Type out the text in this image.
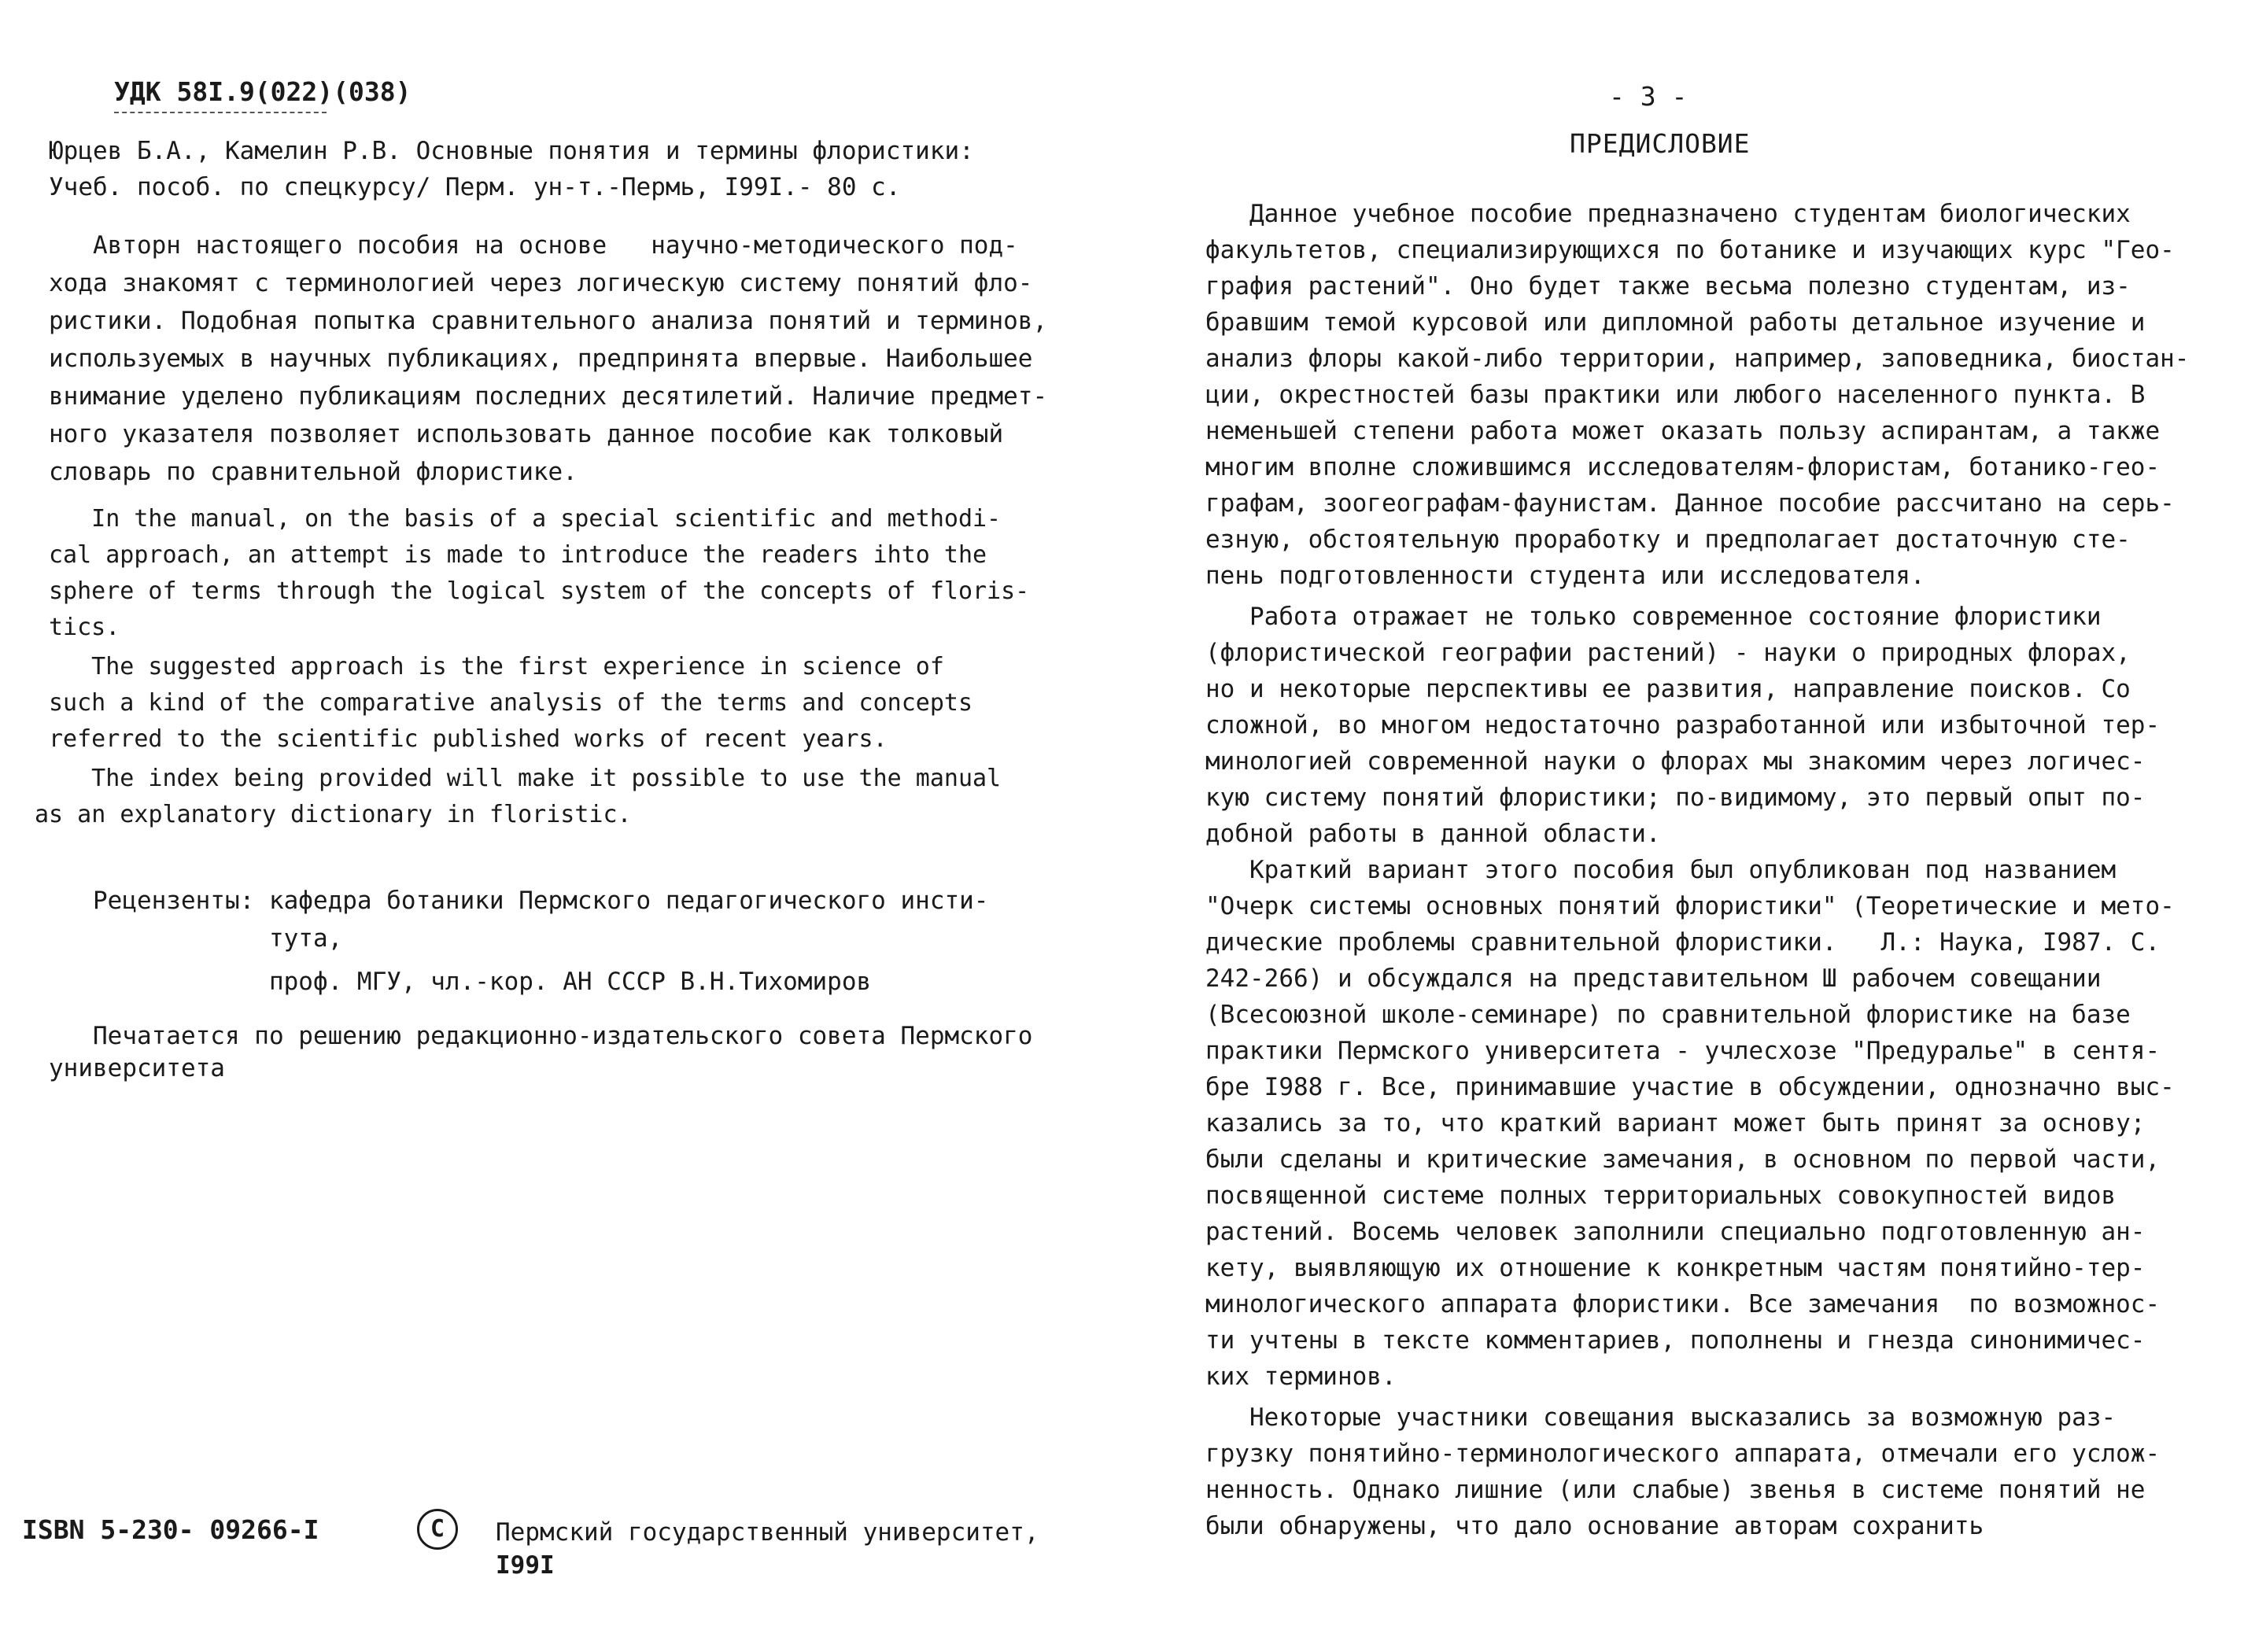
УДК 58I.9(022)(038)
Юрцев Б.А., Камелин Р.В. Основные понятия и термины флористики:
Учеб. пособ. по спецкурсу/ Перм. ун-т.-Пермь, I99I.- 80 с.
Авторн настоящего пособия на основе   научно-методического под-
хода знакомят с терминологией через логическую систему понятий фло-
ристики. Подобная попытка сравнительного анализа понятий и терминов,
используемых в научных публикациях, предпринята впервые. Наибольшее
внимание уделено публикациям последних десятилетий. Наличие предмет-
ного указателя позволяет использовать данное пособие как толковый
словарь по сравнительной флористике.
In the manual, on the basis of a special scientific and methodi-
cal approach, an attempt is made to introduce the readers ihto the
sphere of terms through the logical system of the concepts of floris-
tics.
The suggested approach is the first experience in science of
such a kind of the comparative analysis of the terms and concepts
referred to the scientific published works of recent years.
The index being provided will make it possible to use the manual
as an explanatory dictionary in floristic.
Рецензенты: кафедра ботаники Пермского педагогического инсти-
тута,
проф. МГУ, чл.-кор. АН СССР В.Н.Тихомиров
Печатается по решению редакционно-издательского совета Пермского
университета
ISBN 5-230- 09266-I	С	Пермский государственный университет,
I99I
- 3 -
ПРЕДИСЛОВИЕ
Данное учебное пособие предназначено студентам биологических
факультетов, специализирующихся по ботанике и изучающих курс "Гео-
графия растений". Оно будет также весьма полезно студентам, из-
бравшим темой курсовой или дипломной работы детальное изучение и
анализ флоры какой-либо территории, например, заповедника, биостан-
ции, окрестностей базы практики или любого населенного пункта. В
неменьшей степени работа может оказать пользу аспирантам, а также
многим вполне сложившимся исследователям-флористам, ботанико-гео-
графам, зоогеографам-фаунистам. Данное пособие рассчитано на серь-
езную, обстоятельную проработку и предполагает достаточную сте-
пень подготовленности студента или исследователя.
Работа отражает не только современное состояние флористики
(флористической географии растений) - науки о природных флорах,
но и некоторые перспективы ее развития, направление поисков. Со
сложной, во многом недостаточно разработанной или избыточной тер-
минологией современной науки о флорах мы знакомим через логичес-
кую систему понятий флористики; по-видимому, это первый опыт по-
добной работы в данной области.
Краткий вариант этого пособия был опубликован под названием
"Очерк системы основных понятий флористики" (Теоретические и мето-
дические проблемы сравнительной флористики.   Л.: Наука, I987. С.
242-266) и обсуждался на представительном Ш рабочем совещании
(Всесоюзной школе-семинаре) по сравнительной флористике на базе
практики Пермского университета - учлесхозе "Предуралье" в сентя-
бре I988 г. Все, принимавшие участие в обсуждении, однозначно выс-
казались за то, что краткий вариант может быть принят за основу;
были сделаны и критические замечания, в основном по первой части,
посвященной системе полных территориальных совокупностей видов
растений. Восемь человек заполнили специально подготовленную ан-
кету, выявляющую их отношение к конкретным частям понятийно-тер-
минологического аппарата флористики. Все замечания  по возможнос-
ти учтены в тексте комментариев, пополнены и гнезда синонимичес-
ких терминов.
Некоторые участники совещания высказались за возможную раз-
грузку понятийно-терминологического аппарата, отмечали его услож-
ненность. Однако лишние (или слабые) звенья в системе понятий не
были обнаружены, что дало основание авторам сохранить
